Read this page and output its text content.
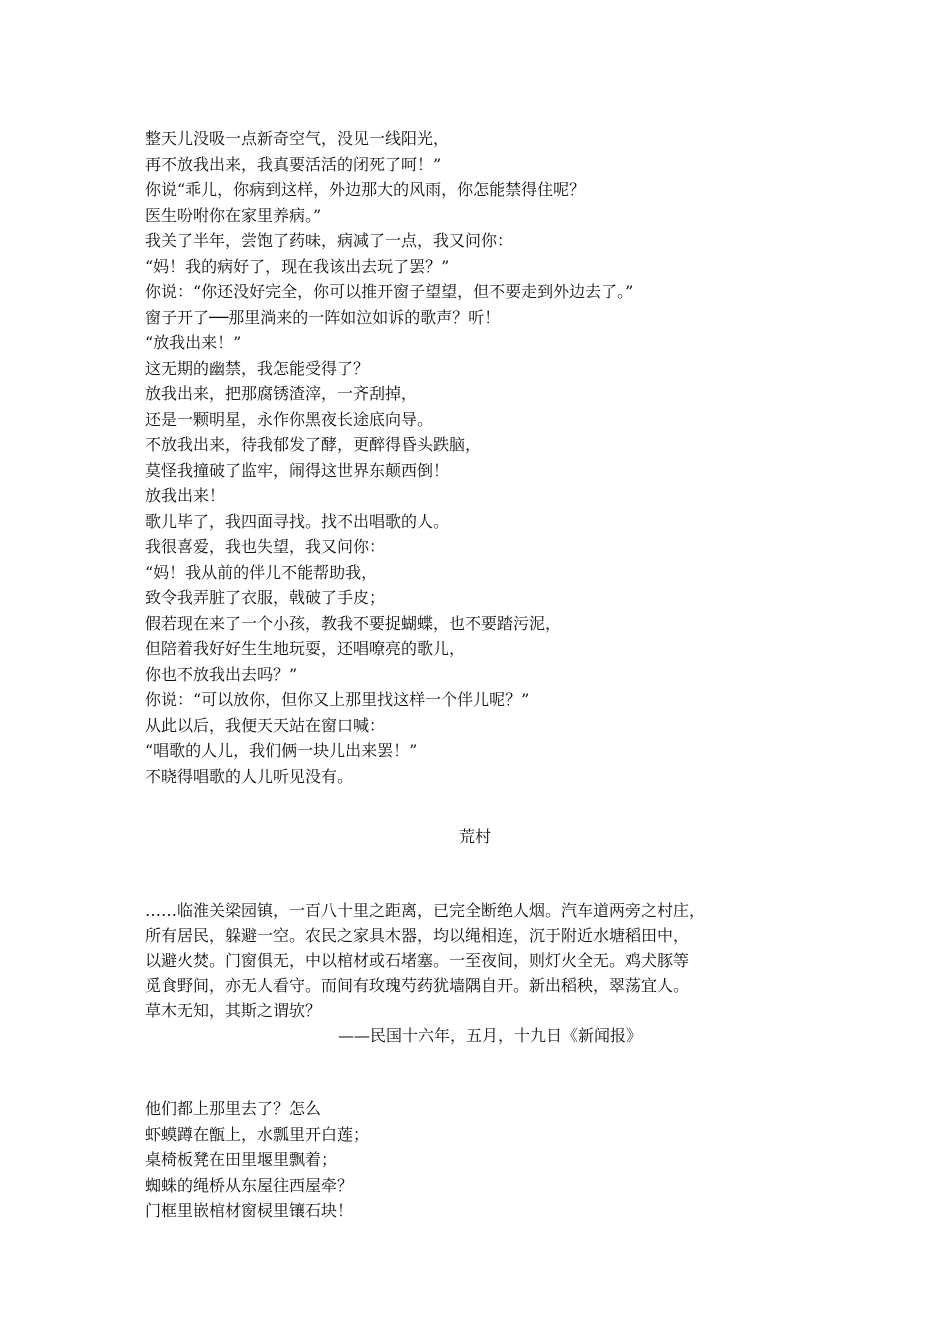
整天儿没吸一点新奇空气，没见一线阳光，
再不放我出来，我真要活活的闭死了呵！”
你说“乖儿，你病到这样，外边那大的风雨，你怎能禁得住呢？
医生吩咐你在家里养病。”
我关了半年，尝饱了药味，病减了一点，我又问你：
“妈！我的病好了，现在我该出去玩了罢？”
你说：“你还没好完全，你可以推开窗子望望，但不要走到外边去了。”
窗子开了──那里淌来的一阵如泣如诉的歌声？听！
“放我出来！”
这无期的幽禁，我怎能受得了？
放我出来，把那腐锈渣滓，一齐刮掉，
还是一颗明星，永作你黑夜长途底向导。
不放我出来，待我郁发了酵，更醉得昏头跌脑，
莫怪我撞破了监牢，闹得这世界东颠西倒！
放我出来！
歌儿毕了，我四面寻找。找不出唱歌的人。
我很喜爱，我也失望，我又问你：
“妈！我从前的伴儿不能帮助我，
致令我弄脏了衣服，戟破了手皮；
假若现在来了一个小孩，教我不要捉蝴蝶，也不要踏污泥，
但陪着我好好生生地玩耍，还唱嘹亮的歌儿，
你也不放我出去吗？”
你说：“可以放你，但你又上那里找这样一个伴儿呢？”
从此以后，我便天天站在窗口喊：
“唱歌的人儿，我们俩一块儿出来罢！”
不晓得唱歌的人儿听见没有。
荒村
……临淮关梁园镇，一百八十里之距离，已完全断绝人烟。汽车道两旁之村庄，
所有居民，躲避一空。农民之家具木器，均以绳相连，沉于附近水塘稻田中，
以避火焚。门窗俱无，中以棺材或石堵塞。一至夜间，则灯火全无。鸡犬豚等
觅食野间，亦无人看守。而间有玫瑰芍药犹墙隅自开。新出稻秧，翠荡宜人。
草木无知，其斯之谓欤？
——民国十六年，五月，十九日《新闻报》
他们都上那里去了？怎么
虾蟆蹲在甑上，水瓢里开白莲；
桌椅板凳在田里堰里飘着；
蜘蛛的绳桥从东屋往西屋牵？
门框里嵌棺材窗棂里镶石块！
